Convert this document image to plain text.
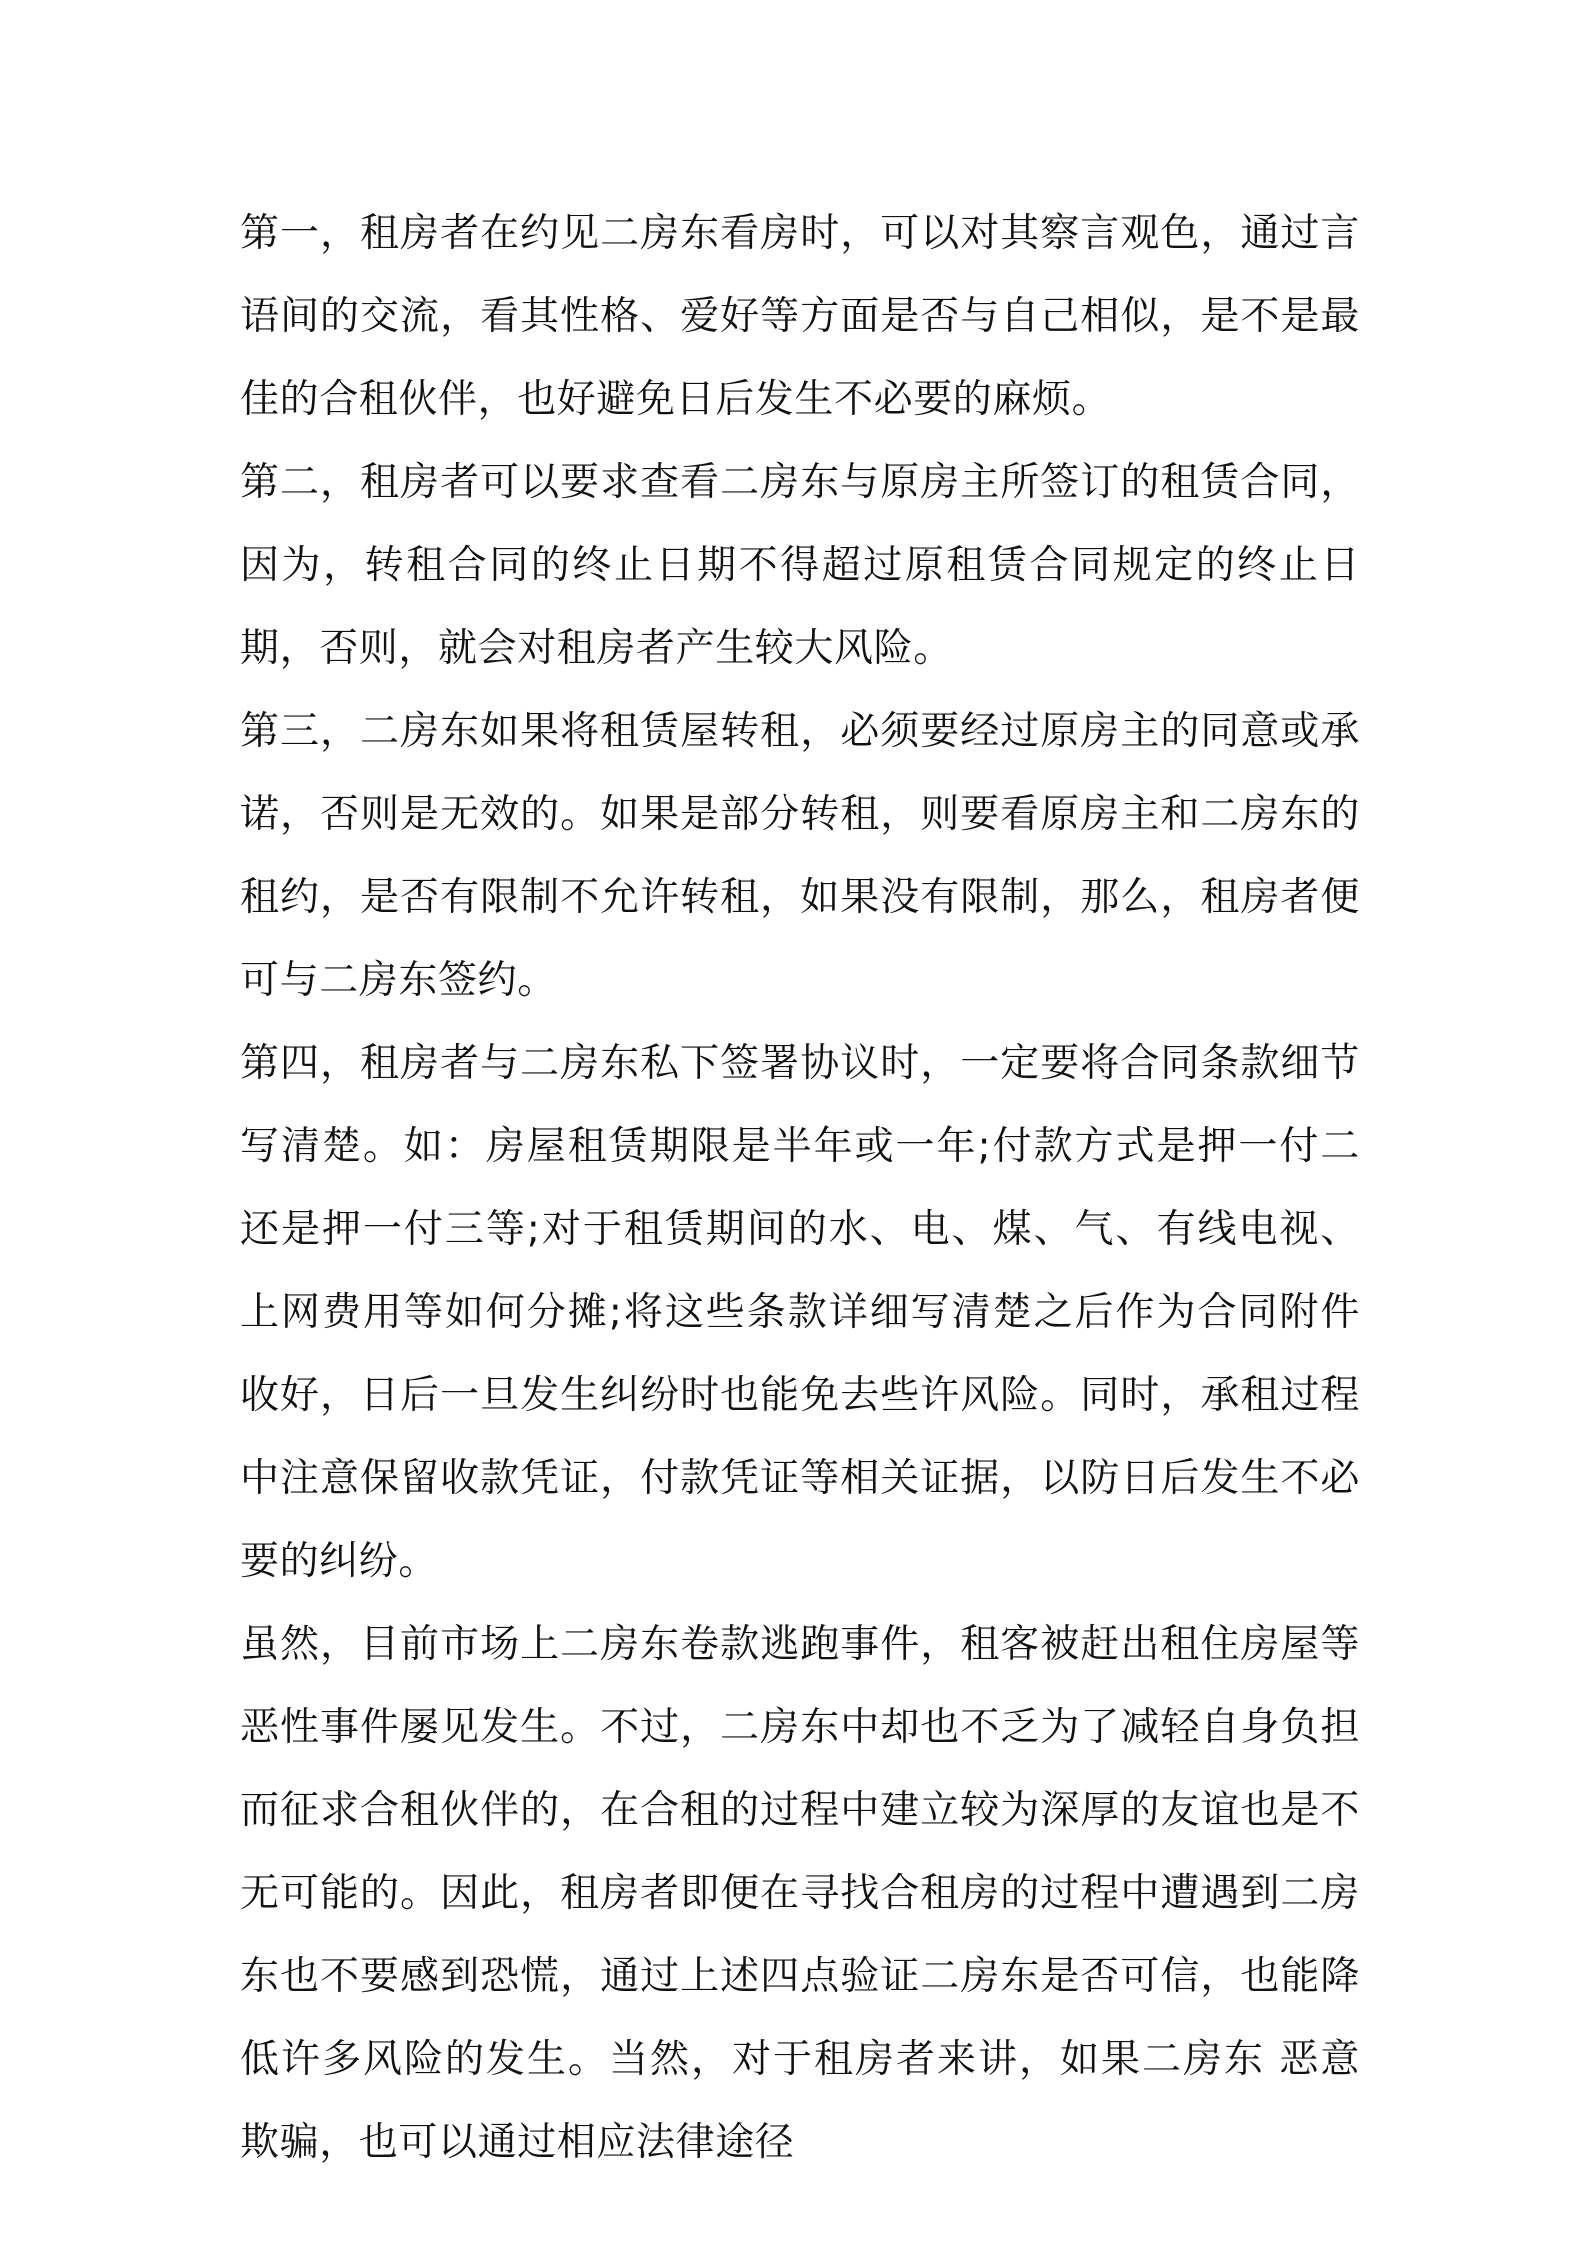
第一，租房者在约见二房东看房时，可以对其察言观色，通过言语间的交流，看其性格、爱好等方面是否与自己相似，是不是最佳的合租伙伴，也好避免日后发生不必要的麻烦。

第二，租房者可以要求查看二房东与原房主所签订的租赁合同，因为，转租合同的终止日期不得超过原租赁合同规定的终止日期，否则，就会对租房者产生较大风险。

第三，二房东如果将租赁屋转租，必须要经过原房主的同意或承诺，否则是无效的。如果是部分转租，则要看原房主和二房东的租约，是否有限制不允许转租，如果没有限制，那么，租房者便可与二房东签约。

第四，租房者与二房东私下签署协议时，一定要将合同条款细节写清楚。如：房屋租赁期限是半年或一年;付款方式是押一付二还是押一付三等;对于租赁期间的水、电、煤、气、有线电视、上网费用等如何分摊;将这些条款详细写清楚之后作为合同附件收好，日后一旦发生纠纷时也能免去些许风险。同时，承租过程中注意保留收款凭证，付款凭证等相关证据，以防日后发生不必要的纠纷。

虽然，目前市场上二房东卷款逃跑事件，租客被赶出租住房屋等恶性事件屡见发生。不过，二房东中却也不乏为了减轻自身负担而征求合租伙伴的，在合租的过程中建立较为深厚的友谊也是不无可能的。因此，租房者即便在寻找合租房的过程中遭遇到二房东也不要感到恐慌，通过上述四点验证二房东是否可信，也能降低许多风险的发生。当然，对于租房者来讲，如果二房东 恶意欺骗，也可以通过相应法律途径
